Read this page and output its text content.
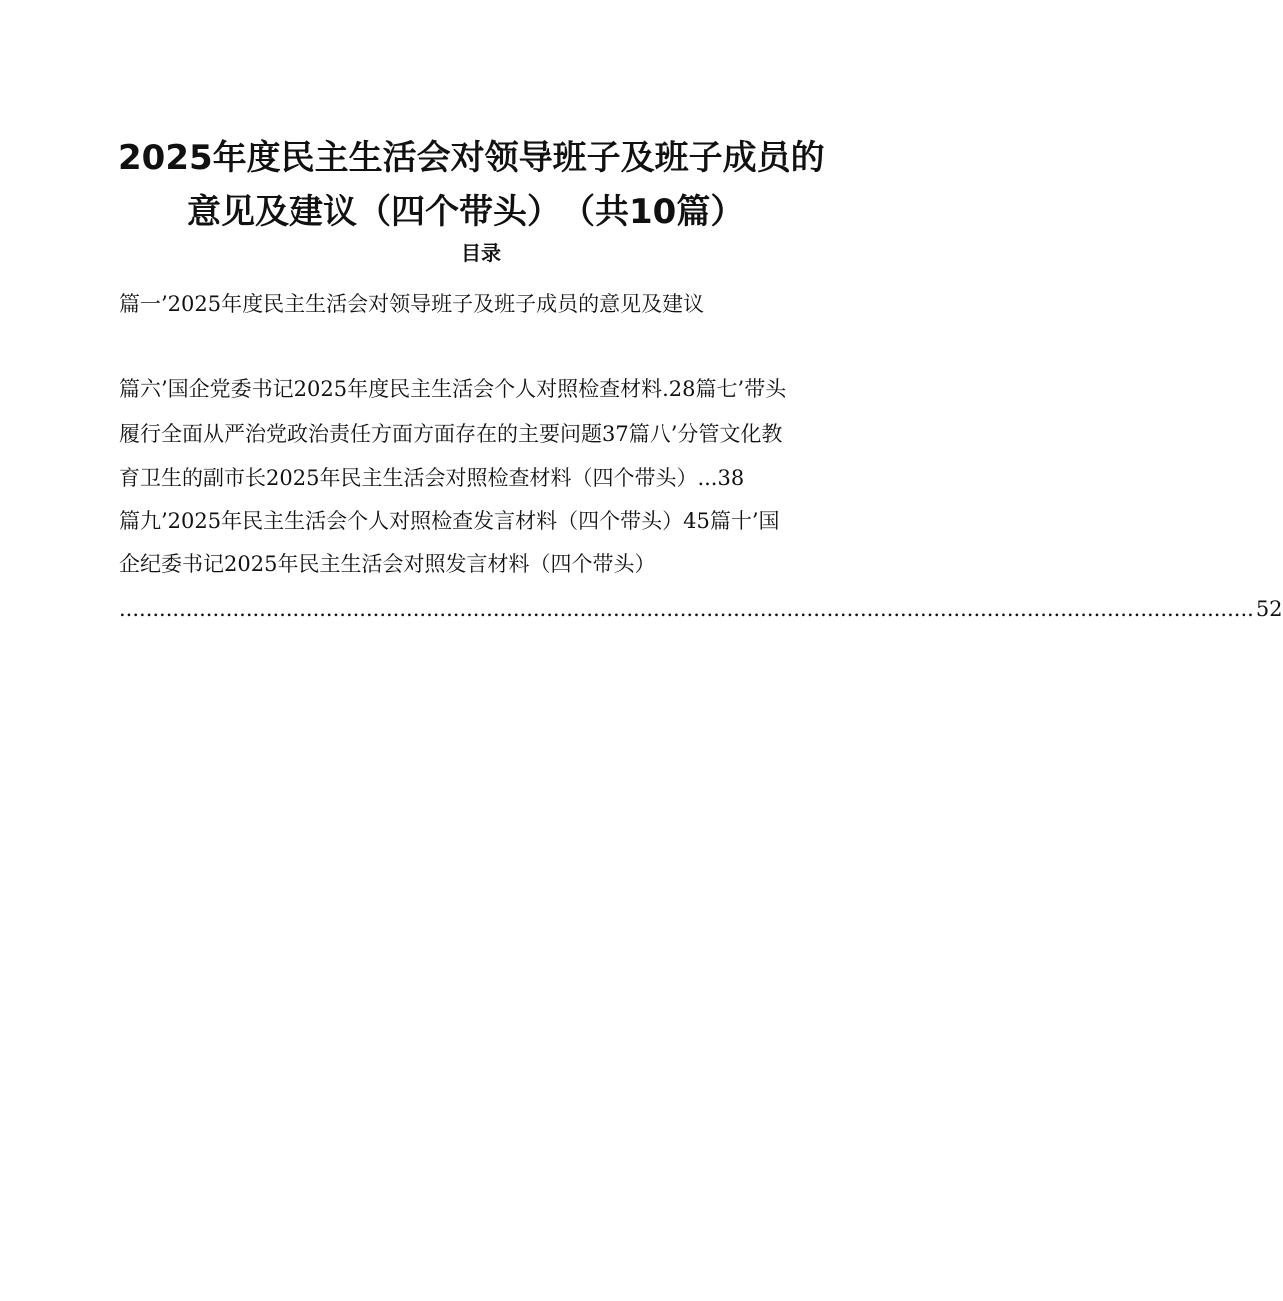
2025年度民主生活会对领导班子及班子成员的
意见及建议（四个带头）　（共10篇）
目录
篇一’2025年度民主生活会对领导班子及班子成员的意见及建议
篇六’国企党委书记2025年度民主生活会个人对照检查材料.28篇七’带头
履行全面从严治党政治责任方面方面存在的主要问题37篇八’分管文化教
育卫生的副市长2025年民主生活会对照检查材料（四个带头）...38
篇九’2025年民主生活会个人对照检查发言材料（四个带头）45篇十’国
企纪委书记2025年民主生活会对照发言材料（四个带头）
.......................................................................................................................................................................... 52
